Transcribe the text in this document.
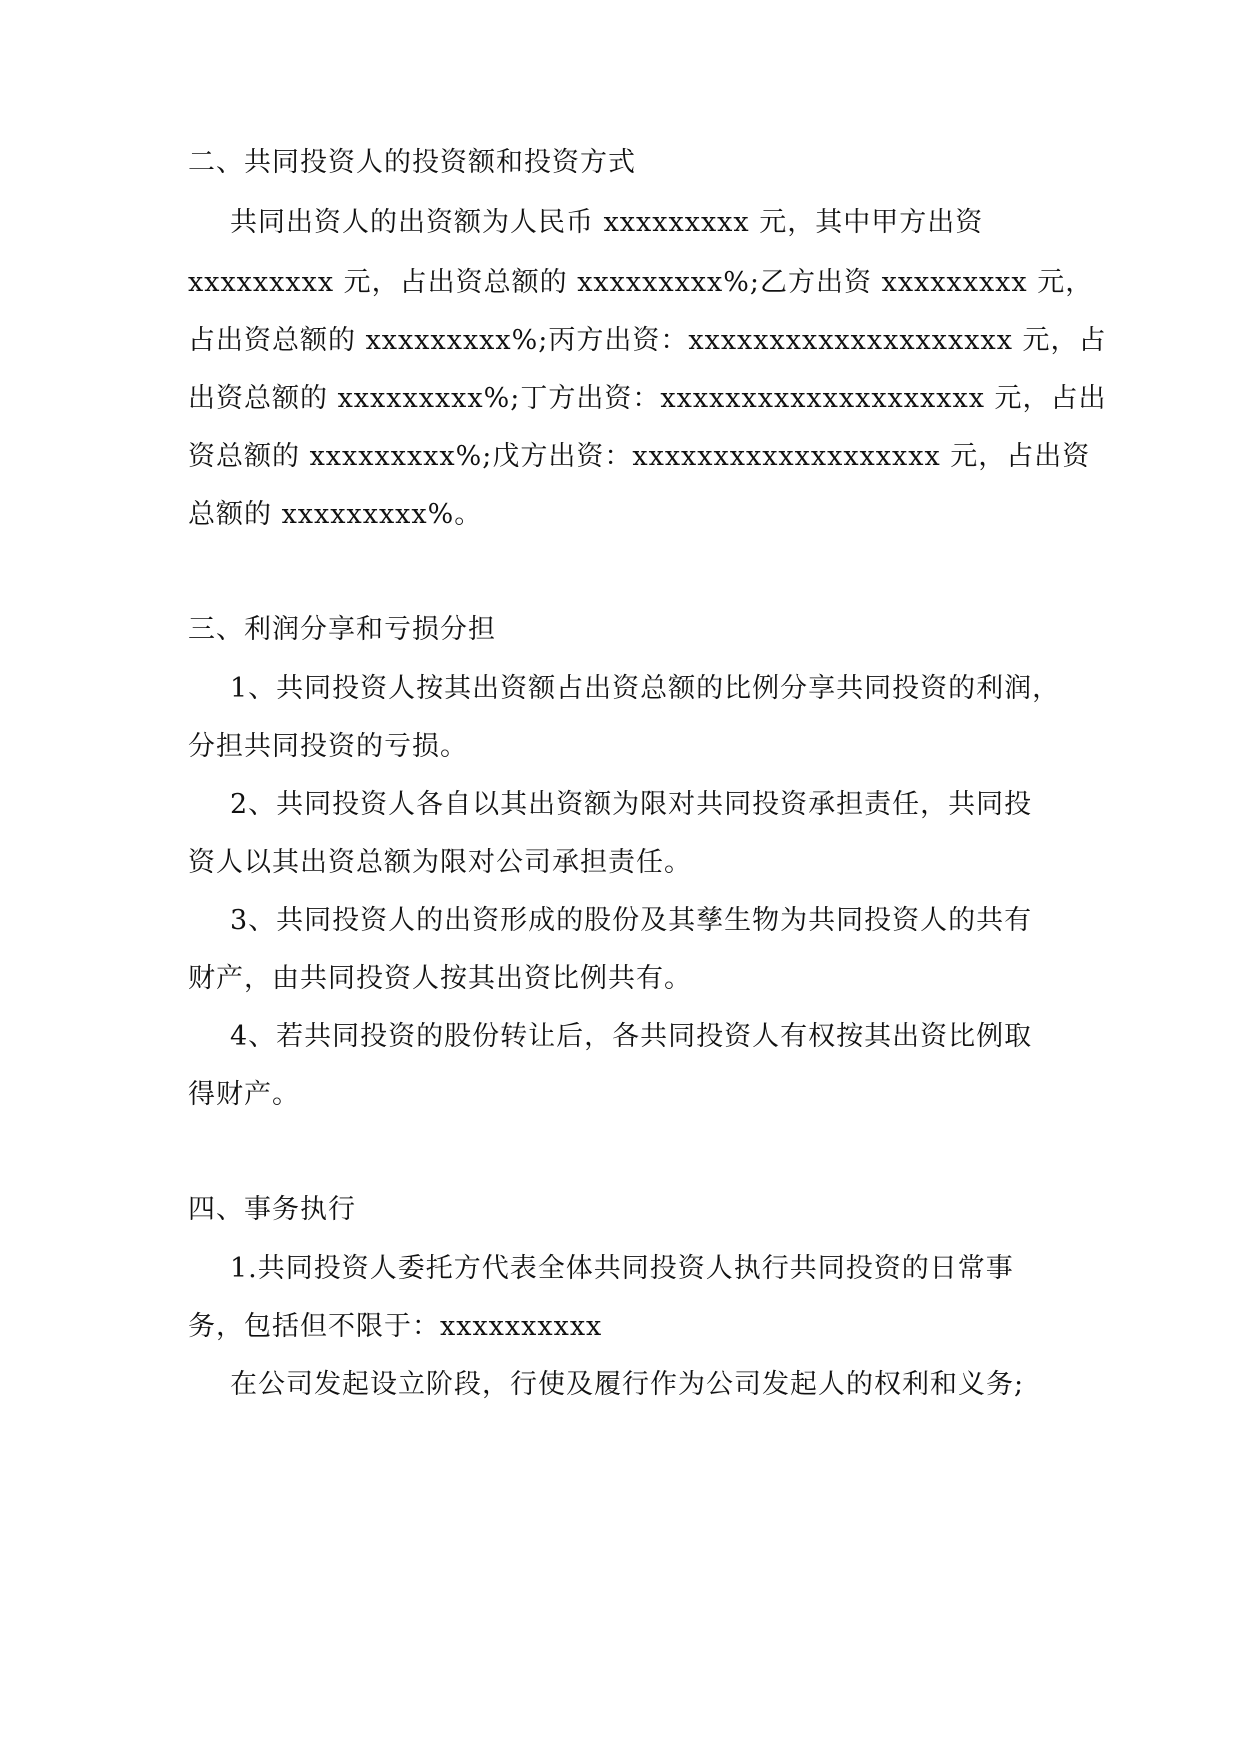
二、共同投资人的投资额和投资方式
共同出资人的出资额为人民币 xxxxxxxxx 元，其中甲方出资
xxxxxxxxx 元，占出资总额的 xxxxxxxxx%;乙方出资 xxxxxxxxx 元，
占出资总额的 xxxxxxxxx%;丙方出资：xxxxxxxxxxxxxxxxxxxx 元，占
出资总额的 xxxxxxxxx%;丁方出资：xxxxxxxxxxxxxxxxxxxx 元，占出
资总额的 xxxxxxxxx%;戊方出资：xxxxxxxxxxxxxxxxxxx 元，占出资
总额的 xxxxxxxxx%。
三、利润分享和亏损分担
1、共同投资人按其出资额占出资总额的比例分享共同投资的利润，
分担共同投资的亏损。
2、共同投资人各自以其出资额为限对共同投资承担责任，共同投
资人以其出资总额为限对公司承担责任。
3、共同投资人的出资形成的股份及其孳生物为共同投资人的共有
财产，由共同投资人按其出资比例共有。
4、若共同投资的股份转让后，各共同投资人有权按其出资比例取
得财产。
四、事务执行
1.共同投资人委托方代表全体共同投资人执行共同投资的日常事
务，包括但不限于：xxxxxxxxxx
在公司发起设立阶段，行使及履行作为公司发起人的权利和义务;
